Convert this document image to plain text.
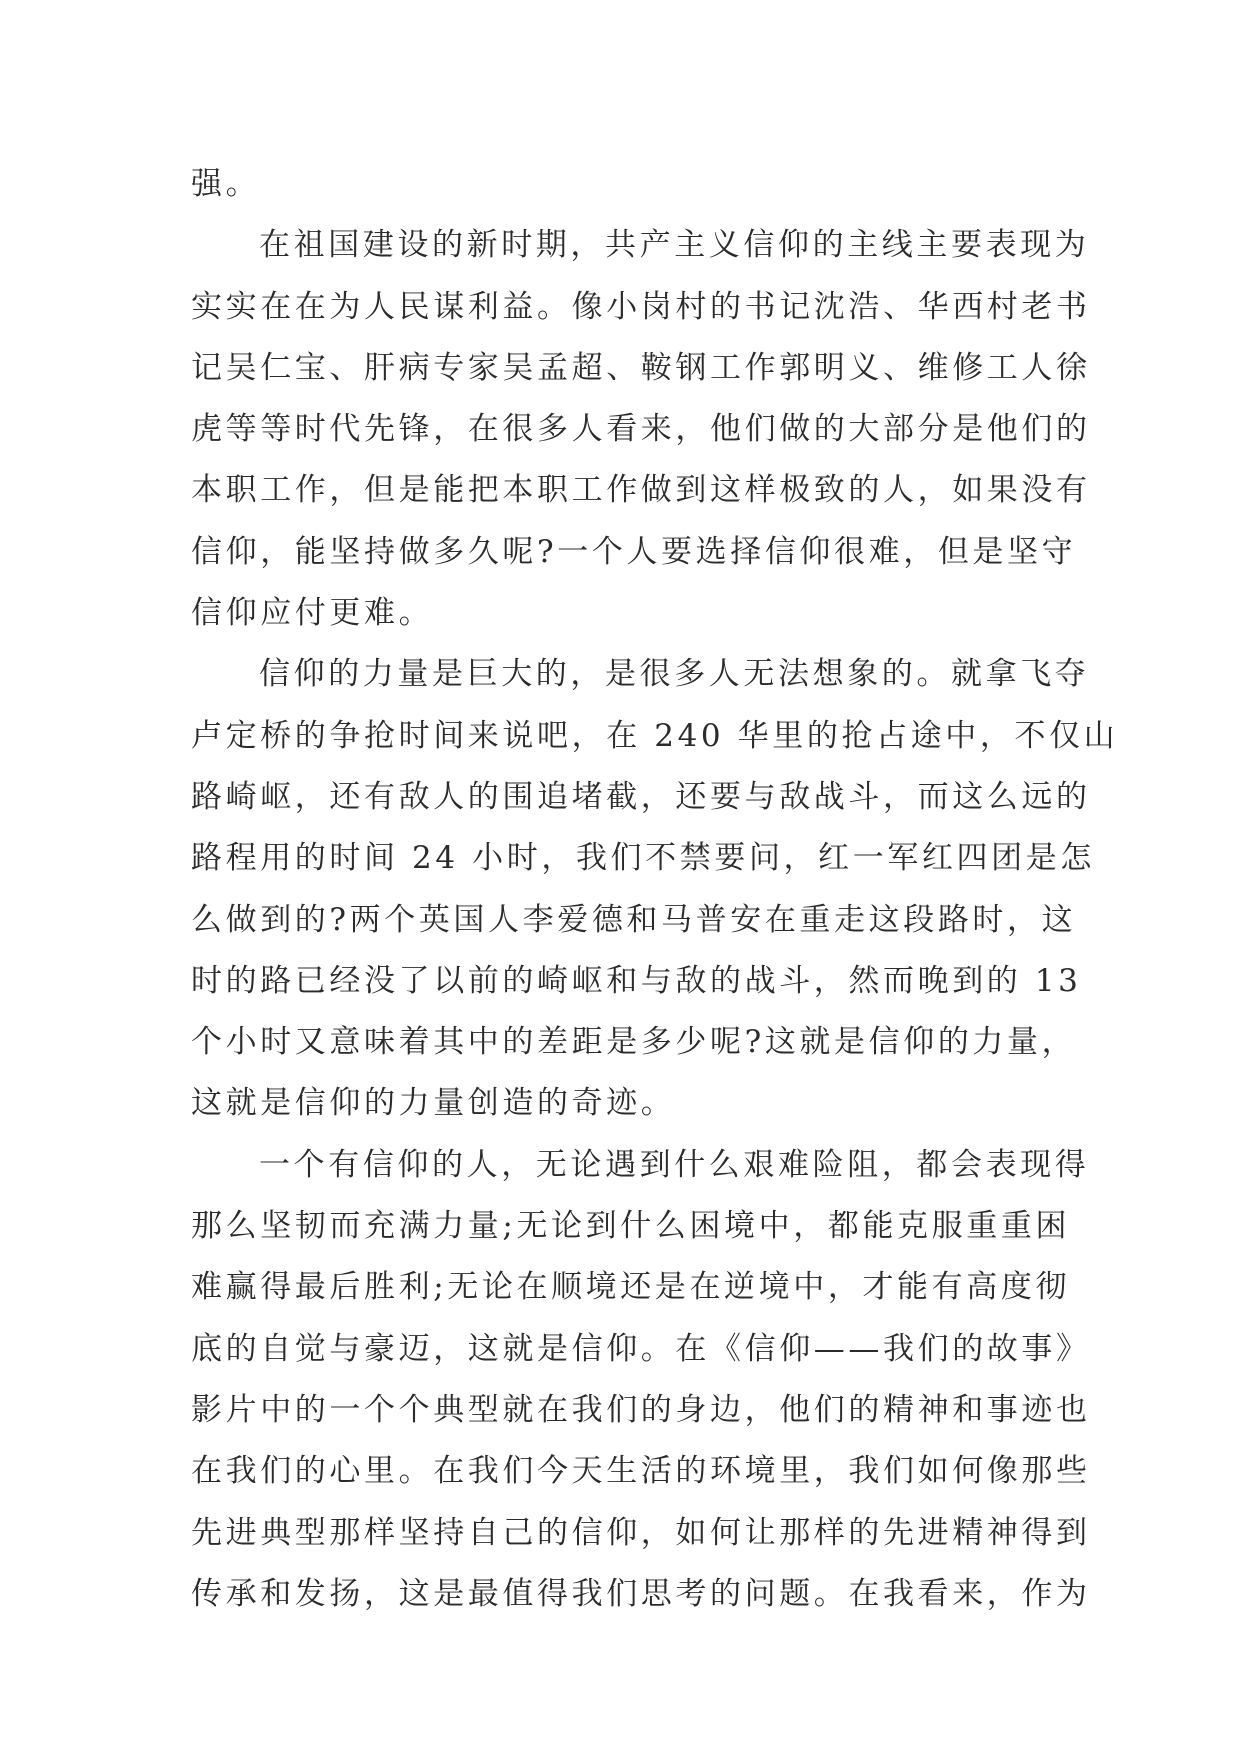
强。
在祖国建设的新时期，共产主义信仰的主线主要表现为
实实在在为人民谋利益。像小岗村的书记沈浩、华西村老书
记吴仁宝、肝病专家吴孟超、鞍钢工作郭明义、维修工人徐
虎等等时代先锋，在很多人看来，他们做的大部分是他们的
本职工作，但是能把本职工作做到这样极致的人，如果没有
信仰，能坚持做多久呢?一个人要选择信仰很难，但是坚守
信仰应付更难。
信仰的力量是巨大的，是很多人无法想象的。就拿飞夺
卢定桥的争抢时间来说吧，在 240 华里的抢占途中，不仅山
路崎岖，还有敌人的围追堵截，还要与敌战斗，而这么远的
路程用的时间 24 小时，我们不禁要问，红一军红四团是怎
么做到的?两个英国人李爱德和马普安在重走这段路时，这
时的路已经没了以前的崎岖和与敌的战斗，然而晚到的 13
个小时又意味着其中的差距是多少呢?这就是信仰的力量，
这就是信仰的力量创造的奇迹。
一个有信仰的人，无论遇到什么艰难险阻，都会表现得
那么坚韧而充满力量;无论到什么困境中，都能克服重重困
难赢得最后胜利;无论在顺境还是在逆境中，才能有高度彻
底的自觉与豪迈，这就是信仰。在《信仰——我们的故事》
影片中的一个个典型就在我们的身边，他们的精神和事迹也
在我们的心里。在我们今天生活的环境里，我们如何像那些
先进典型那样坚持自己的信仰，如何让那样的先进精神得到
传承和发扬，这是最值得我们思考的问题。在我看来，作为
